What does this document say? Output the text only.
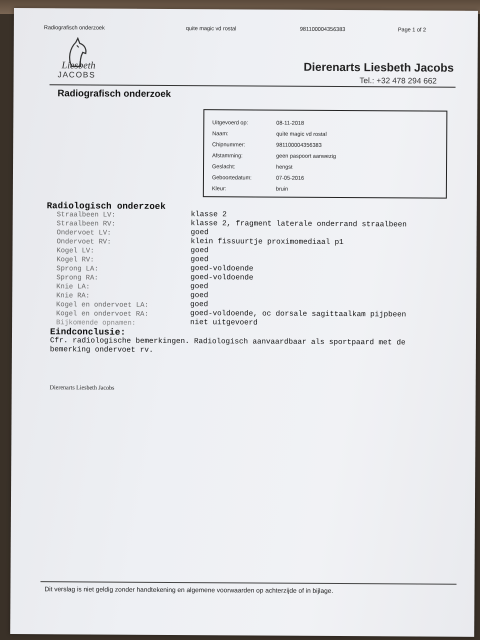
Radiografisch onderzoek	quite magic vd rostal	981100004356383	Page 1 of 2
Liesbeth
JACOBS
Dierenarts Liesbeth Jacobs
Tel.: +32 478 294 662
Radiografisch onderzoek
Uitgevoerd op:	08-11-2018
Naam:	quite magic vd rostal
Chipnummer:	981100004356383
Afstamming:	geen paspoort aanwezig
Geslacht:	hengst
Geboortedatum:	07-05-2016
Kleur:	bruin
Radiologisch onderzoek
Straalbeen LV:	klasse 2
Straalbeen RV:	klasse 2, fragment laterale onderrand straalbeen
Ondervoet LV:	goed
Ondervoet RV:	klein fissuurtje proximomediaal p1
Kogel LV:	goed
Kogel RV:	goed
Sprong LA:	goed-voldoende
Sprong RA:	goed-voldoende
Knie LA:	goed
Knie RA:	goed
Kogel en ondervoet LA:	goed
Kogel en ondervoet RA:	goed-voldoende, oc dorsale sagittaalkam pijpbeen
Bijkomende opnamen:	niet uitgevoerd
Eindconclusie:
Cfr. radiologische bemerkingen. Radiologisch aanvaardbaar als sportpaard met de bemerking ondervoet rv.
Dierenarts Liesbeth Jacobs
Dit verslag is niet geldig zonder handtekening en algemene voorwaarden op achterzijde of in bijlage.
